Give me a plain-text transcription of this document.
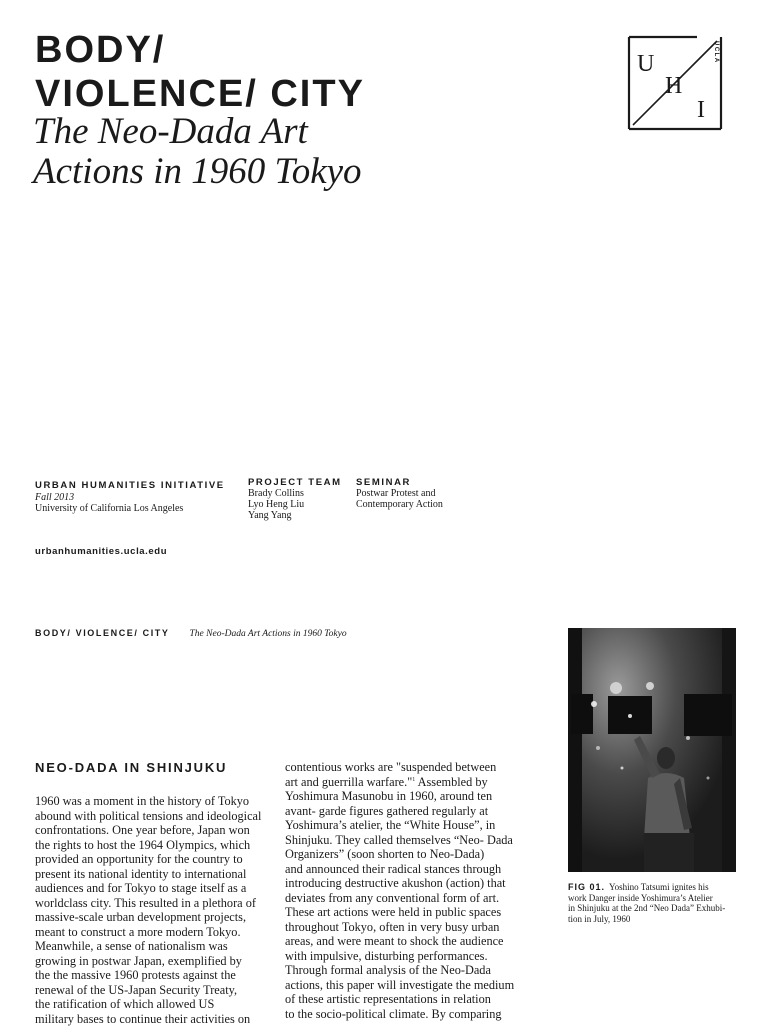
BODY/
VIOLENCE/ CITY
The Neo-Dada Art
Actions in 1960 Tokyo
U
H
I
UCLA
URBAN HUMANITIES INITIATIVE
Fall 2013
University of California Los Angeles
PROJECT TEAM
Brady Collins
Lyo Heng Liu
Yang Yang
SEMINAR
Postwar Protest and
Contemporary Action
urbanhumanities.ucla.edu
BODY/ VIOLENCE/ CITY The Neo-Dada Art Actions in 1960 Tokyo
FIG 01. Yoshino Tatsumi ignites his
work Danger inside Yoshimura’s Atelier
in Shinjuku at the 2nd “Neo Dada” Exhubi-
tion in July, 1960
NEO-DADA IN SHINJUKU
1960 was a moment in the history of Tokyo
abound with political tensions and ideological
confrontations. One year before, Japan won
the rights to host the 1964 Olympics, which
provided an opportunity for the country to
present its national identity to international
audiences and for Tokyo to stage itself as a
worldclass city. This resulted in a plethora of
massive-scale urban development projects,
meant to construct a more modern Tokyo.
Meanwhile, a sense of nationalism was
growing in postwar Japan, exemplified by
the the massive 1960 protests against the
renewal of the US-Japan Security Treaty,
the ratification of which allowed US
military bases to continue their activities on
contentious works are "suspended between
art and guerrilla warfare."$^1$ Assembled by
Yoshimura Masunobu in 1960, around ten
avant- garde figures gathered regularly at
Yoshimura’s atelier, the “White House”, in
Shinjuku. They called themselves “Neo- Dada
Organizers” (soon shorten to Neo-Dada)
and announced their radical stances through
introducing destructive akushon (action) that
deviates from any conventional form of art.
These art actions were held in public spaces
throughout Tokyo, often in very busy urban
areas, and were meant to shock the audience
with impulsive, disturbing performances.
Through formal analysis of the Neo-Dada
actions, this paper will investigate the medium
of these artistic representations in relation
to the socio-political climate. By comparing
